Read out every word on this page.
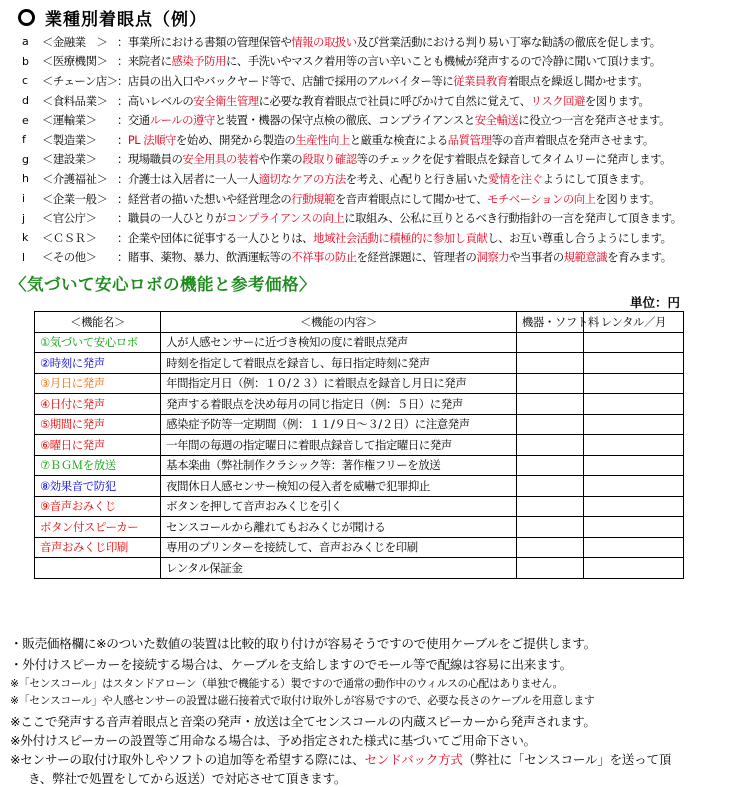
業種別着眼点（例）
a	＜金融業　＞ ：事業所における書類の管理保管や情報の取扱い及び営業活動における判り易い丁寧な勧誘の徹底を促します。
b	＜医療機関＞ ：来院者に感染予防用に、手洗いやマスク着用等の言い辛いことも機械が発声するので冷静に聞いて頂けます。
c	＜チェーン店＞ ：店員の出入口やバックヤード等で、店舗で採用のアルバイター等に従業員教育着眼点を繰返し聞かせます。
d	＜食料品業＞ ：高いレベルの安全衛生管理に必要な教育着眼点で社員に呼びかけて自然に覚えて、リスク回避を図ります。
e	＜運輸業＞	：交通ルールの遵守と装置・機器の保守点検の徹底、コンプライアンスと安全輸送に役立つ一言を発声させます。
f	＜製造業＞	：PL 法順守を始め、開発から製造の生産性向上と厳重な検査による品質管理等の音声着眼点を発声させます。
g	＜建設業＞	：現場職員の安全用具の装着や作業の段取り確認等のチェックを促す着眼点を録音してタイムリーに発声します。
h	＜介護福祉＞ ：介護士は入居者に一人一人適切なケアの方法を考え、心配りと行き届いた愛情を注ぐようにして頂きます。
i	＜企業一般＞ ：経営者の描いた想いや経営理念の行動規範を音声着眼点にして聞かせて、モチベーションの向上を図ります。
j	＜官公庁＞	：職員の一人ひとりがコンプライアンスの向上に取組み、公私に亘りとるべき行動指針の一言を発声して頂きます。
k	＜ＣＳＲ＞	：企業や団体に従事する一人ひとりは、地域社会活動に積極的に参加し貢献し、お互い尊重し合うようにします。
l	＜その他＞	：賭事、薬物、暴力、飲酒運転等の不祥事の防止を経営課題に、管理者の洞察力や当事者の規範意識を育みます。
〈気づいて安心ロボの機能と参考価格〉
単位：円
＜機能名＞	＜機能の内容＞	機器・ソフト料	レンタル／月
①気づいて安心ロボ	人が人感センサーに近づき検知の度に着眼点発声		
②時刻に発声	時刻を指定して着眼点を録音し、毎日指定時刻に発声		
③月日に発声	年間指定月日（例：１０/２３）に着眼点を録音し月日に発声		
④日付に発声	発声する着眼点を決め毎月の同じ指定日（例：５日）に発声		
⑤期間に発声	感染症予防等一定期間（例：１１/９日～３/２日）に注意発声		
⑥曜日に発声	一年間の毎週の指定曜日に着眼点録音して指定曜日に発声		
⑦ＢＧＭを放送	基本楽曲（弊社制作クラシック等：著作権フリーを放送		
⑧効果音で防犯	夜間休日人感センサー検知の侵入者を威嚇で犯罪抑止		
⑨音声おみくじ	ボタンを押して音声おみくじを引く		
ボタン付スピーカー	センスコールから離れてもおみくじが聞ける		
音声おみくじ印刷	専用のプリンターを接続して、音声おみくじを印刷		
	レンタル保証金		
・販売価格欄に※のついた数値の装置は比較的取り付けが容易そうですので使用ケーブルをご提供します。
・外付けスピーカーを接続する場合は、ケーブルを支給しますのでモール等で配線は容易に出来ます。
※「センスコール」はスタンドアローン（単独で機能する）製ですので通常の動作中のウィルスの心配はありません。
※「センスコール」や人感センサーの設置は磁石接着式で取付け取外しが容易ですので、必要な長さのケーブルを用意します
※ここで発声する音声着眼点と音楽の発声・放送は全てセンスコールの内蔵スピーカーから発声されます。
※外付けスピーカーの設置等ご用命なる場合は、予め指定された様式に基づいてご用命下さい。
※センサーの取付け取外しやソフトの追加等を希望する際には、センドバック方式（弊社に「センスコール」を送って頂
き、弊社で処置をしてから返送）で対応させて頂きます。
